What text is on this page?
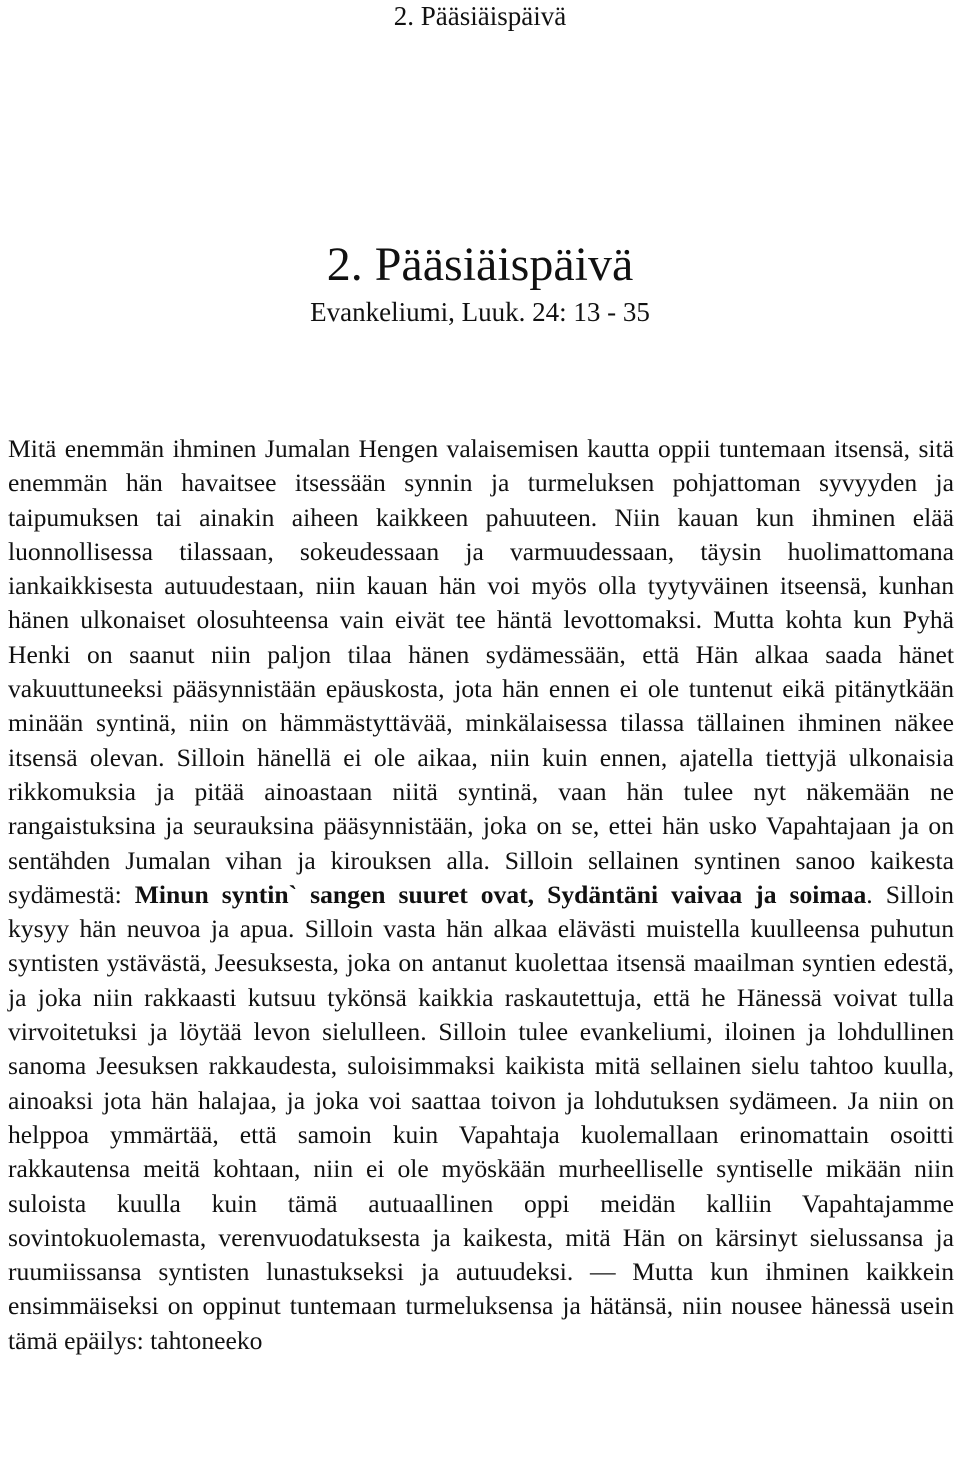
2. Pääsiäispäivä
2. Pääsiäispäivä
Evankeliumi, Luuk. 24: 13 - 35

Mitä enemmän ihminen Jumalan Hengen valaisemisen kautta oppii tuntemaan itsensä, sitä enemmän hän havaitsee itsessään synnin ja turmeluksen pohjattoman syvyyden ja taipumuksen tai ainakin aiheen kaikkeen pahuuteen. Niin kauan kun ihminen elää luonnollisessa tilassaan, sokeudessaan ja varmuudessaan, täysin huolimattomana iankaikkisesta autuudestaan, niin kauan hän voi myös olla tyytyväinen itseensä, kunhan hänen ulkonaiset olosuhteensa vain eivät tee häntä levottomaksi. Mutta kohta kun Pyhä Henki on saanut niin paljon tilaa hänen sydämessään, että Hän alkaa saada hänet vakuuttuneeksi pääsynnistään epäuskosta, jota hän ennen ei ole tuntenut eikä pitänytkään minään syntinä, niin on hämmästyttävää, minkälaisessa tilassa tällainen ihminen näkee itsensä olevan. Silloin hänellä ei ole aikaa, niin kuin ennen, ajatella tiettyjä ulkonaisia rikkomuksia ja pitää ainoastaan niitä syntinä, vaan hän tulee nyt näkemään ne rangaistuksina ja seurauksina pääsynnistään, joka on se, ettei hän usko Vapahtajaan ja on sentähden Jumalan vihan ja kirouksen alla. Silloin sellainen syntinen sanoo kaikesta sydämestä: Minun syntin` sangen suuret ovat, Sydäntäni vaivaa ja soimaa. Silloin kysyy hän neuvoa ja apua. Silloin vasta hän alkaa elävästi muistella kuulleensa puhutun syntisten ystävästä, Jeesuksesta, joka on antanut kuolettaa itsensä maailman syntien edestä, ja joka niin rakkaasti kutsuu tykönsä kaikkia raskautettuja, että he Hänessä voivat tulla virvoitetuksi ja löytää levon sielulleen. Silloin tulee evankeliumi, iloinen ja lohdullinen sanoma Jeesuksen rakkaudesta, suloisimmaksi kaikista mitä sellainen sielu tahtoo kuulla, ainoaksi jota hän halajaa, ja joka voi saattaa toivon ja lohdutuksen sydämeen. Ja niin on helppoa ymmärtää, että samoin kuin Vapahtaja kuolemallaan erinomattain osoitti rakkautensa meitä kohtaan, niin ei ole myöskään murheelliselle syntiselle mikään niin suloista kuulla kuin tämä autuaallinen oppi meidän kalliin Vapahtajamme sovintokuolemasta, verenvuodatuksesta ja kaikesta, mitä Hän on kärsinyt sielussansa ja ruumiissansa syntisten lunastukseksi ja autuudeksi. — Mutta kun ihminen kaikkein ensimmäiseksi on oppinut tuntemaan turmeluksensa ja hätänsä, niin nousee hänessä usein tämä epäilys: tahtoneeko
